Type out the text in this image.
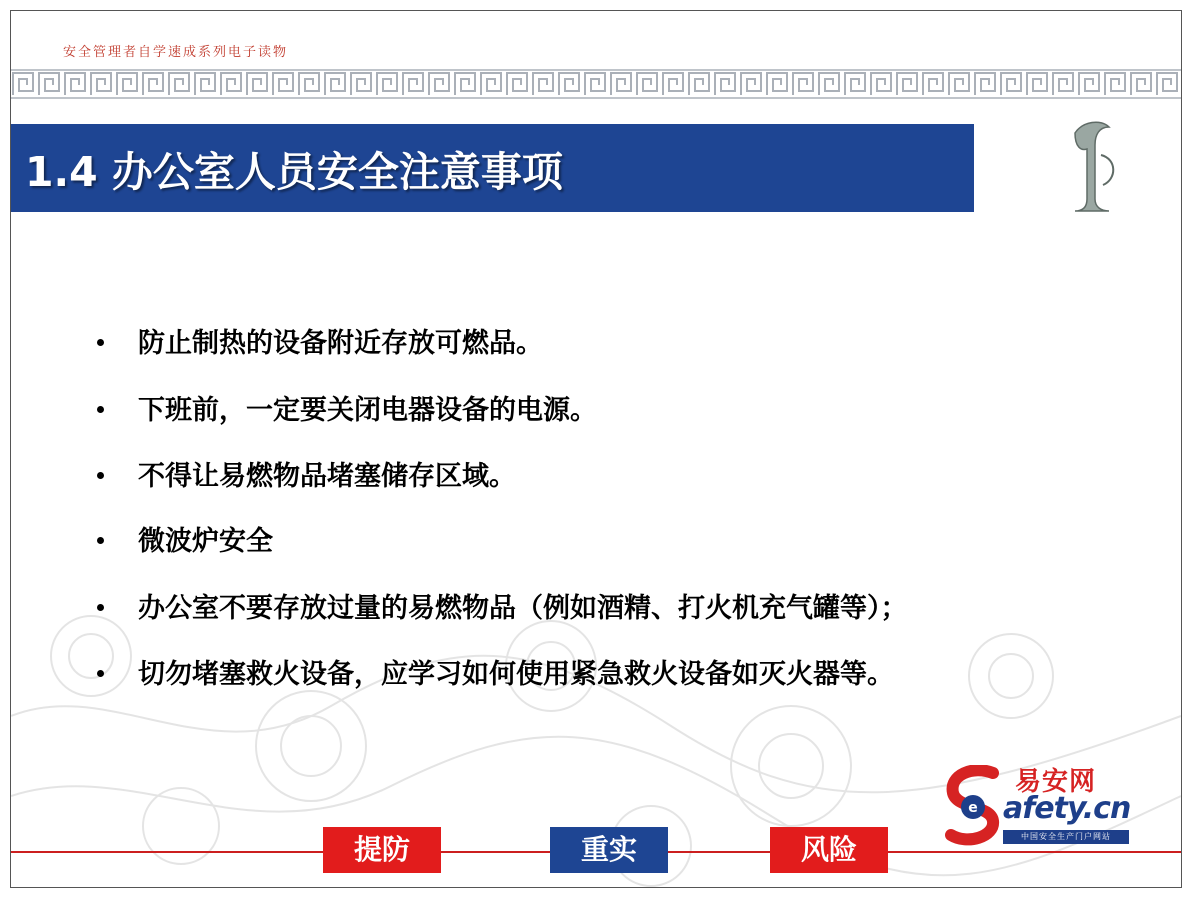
安全管理者自学速成系列电子读物
1.4 办公室人员安全注意事项
防止制热的设备附近存放可燃品。
下班前，一定要关闭电器设备的电源。
不得让易燃物品堵塞储存区域。
微波炉安全
办公室不要存放过量的易燃物品（例如酒精、打火机充气罐等）；
切勿堵塞救火设备，应学习如何使用紧急救火设备如灭火器等。
e
易安网
afety.cn
中国安全生产门户网站
提防	重实	风险
